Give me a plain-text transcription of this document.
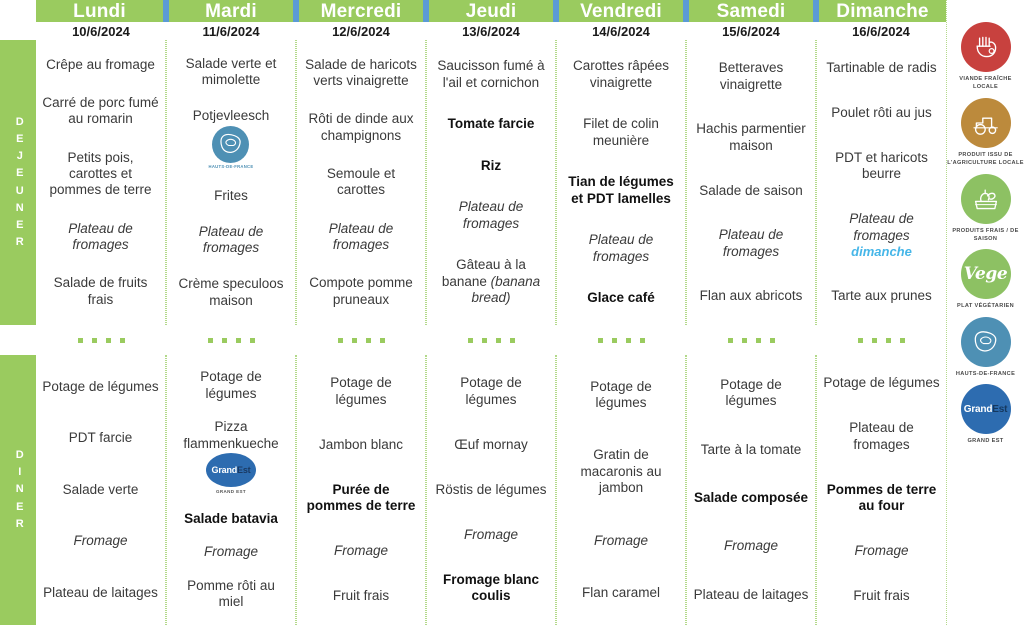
D
E
J
E
U
N
E
R
D
I
N
E
R
Lundi
10/6/2024
Mardi
11/6/2024
Mercredi
12/6/2024
Jeudi
13/6/2024
Vendredi
14/6/2024
Samedi
15/6/2024
Dimanche
16/6/2024
Crêpe au fromage
Carré de porc fumé au romarin
Petits pois, carottes et pommes de terre
Plateau de fromages
Salade de fruits frais
Salade verte et mimolette
Potjevleesch
HAUTS-DE-FRANCE
Frites
Plateau de fromages
Crème speculoos maison
Salade de haricots verts vinaigrette
Rôti de dinde aux champignons
Semoule et carottes
Plateau de fromages
Compote pomme pruneaux
Saucisson fumé à l'ail et cornichon
Tomate farcie
Riz
Plateau de fromages
Gâteau à la banane (banana bread)
Carottes râpées vinaigrette
Filet de colin meunière
Tian de légumes et PDT lamelles
Plateau de fromages
Glace café
Betteraves vinaigrette
Hachis parmentier maison
Salade de saison
Plateau de fromages
Flan aux abricots
Tartinable de radis
Poulet rôti au jus
PDT et haricots beurre
Plateau de fromages
dimanche
Tarte aux prunes
Potage de légumes
PDT farcie
Salade verte
Fromage
Plateau de laitages
Potage de légumes
Pizza flammenkueche
GrandEst
GRAND EST
Salade batavia
Fromage
Pomme rôti au miel
Potage de légumes
Jambon blanc
Purée de pommes de terre
Fromage
Fruit frais
Potage de légumes
Œuf mornay
Röstis de légumes
Fromage
Fromage blanc coulis
Potage de légumes
Gratin de macaronis au jambon
Fromage
Flan caramel
Potage de légumes
Tarte à la tomate
Salade composée
Fromage
Plateau de laitages
Potage de légumes
Plateau de fromages
Pommes de terre au four
Fromage
Fruit frais
VIANDE FRAÎCHE LOCALE
PRODUIT ISSU DE L'AGRICULTURE LOCALE
PRODUITS FRAIS / DE SAISON
Vege
PLAT VÉGÉTARIEN
HAUTS-DE-FRANCE
GrandEst
GRAND EST
